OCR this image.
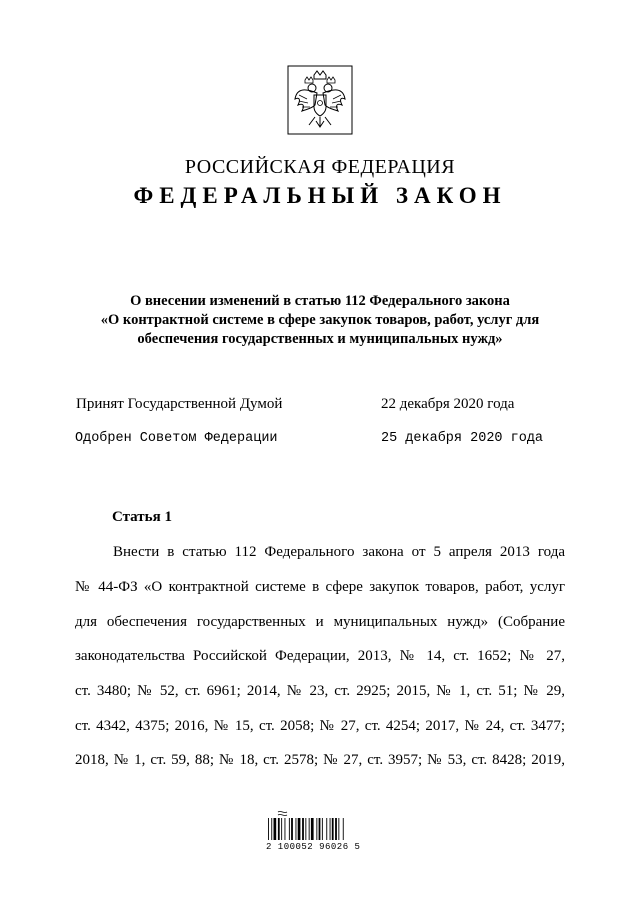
РОССИЙСКАЯ ФЕДЕРАЦИЯ
ФЕДЕРАЛЬНЫЙ ЗАКОН
О внесении изменений в статью 112 Федерального закона
«О контрактной системе в сфере закупок товаров, работ, услуг для
обеспечения государственных и муниципальных нужд»
Принят Государственной Думой	22 декабря 2020 года
Одобрен Советом Федерации	25 декабря 2020 года
Статья 1
Внести в статью 112 Федерального закона от 5 апреля 2013 года
№ 44-ФЗ «О контрактной системе в сфере закупок товаров, работ, услуг
для обеспечения государственных и муниципальных нужд» (Собрание
законодательства Российской Федерации, 2013, № 14, ст. 1652; № 27,
ст. 3480; № 52, ст. 6961; 2014, № 23, ст. 2925; 2015, № 1, ст. 51; № 29,
ст. 4342, 4375; 2016, № 15, ст. 2058; № 27, ст. 4254; 2017, № 24, ст. 3477;
2018, № 1, ст. 59, 88; № 18, ст. 2578; № 27, ст. 3957; № 53, ст. 8428; 2019,
2 100052 96026 5
